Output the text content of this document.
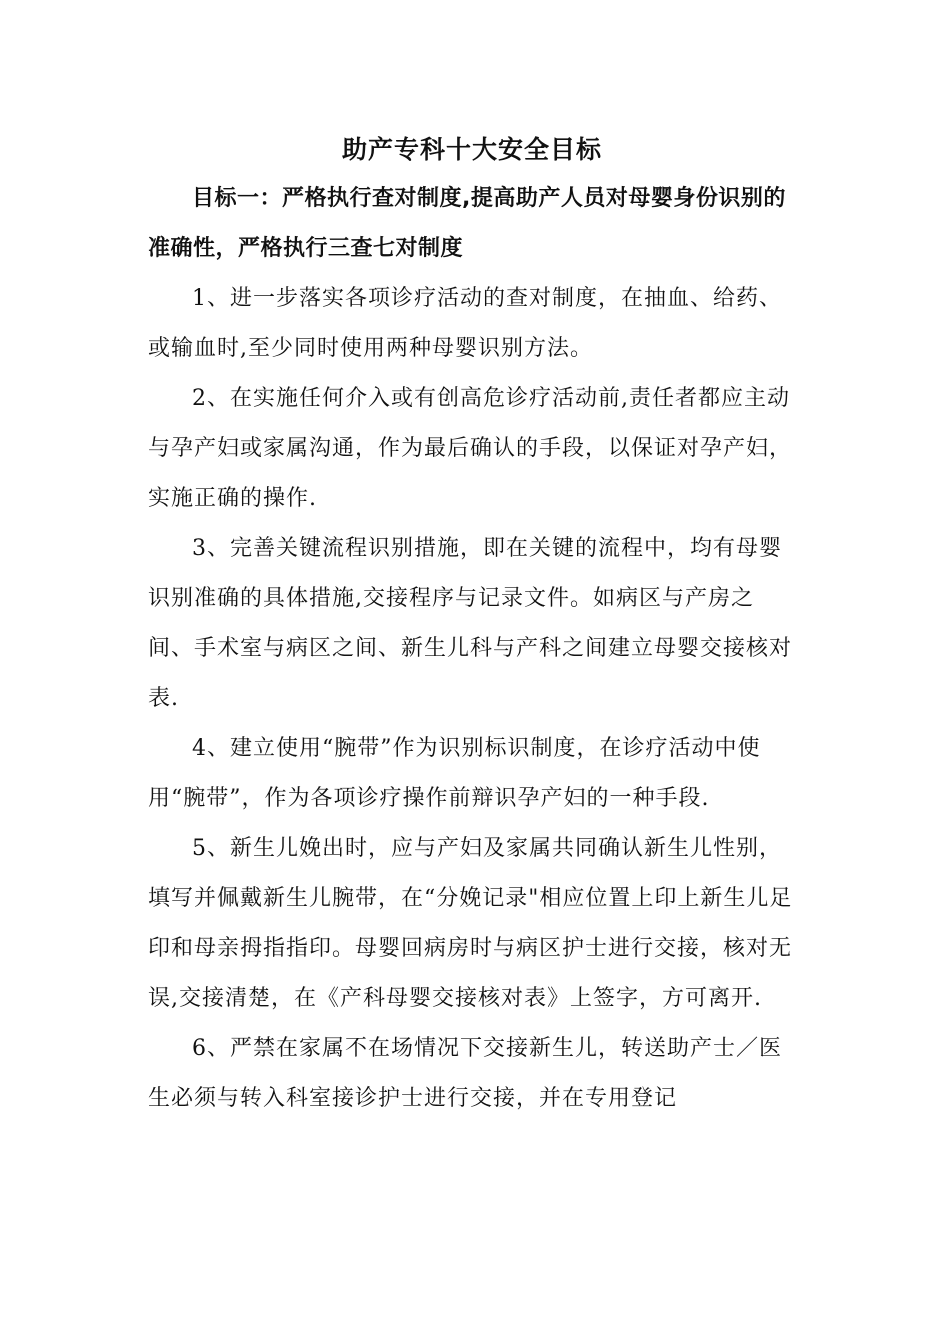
助产专科十大安全目标

目标一：严格执行查对制度,提高助产人员对母婴身份识别的准确性，严格执行三查七对制度

1、进一步落实各项诊疗活动的查对制度，在抽血、给药、或输血时,至少同时使用两种母婴识别方法。

2、在实施任何介入或有创高危诊疗活动前,责任者都应主动与孕产妇或家属沟通，作为最后确认的手段，以保证对孕产妇，实施正确的操作.

3、完善关键流程识别措施，即在关键的流程中，均有母婴识别准确的具体措施,交接程序与记录文件。如病区与产房之间、手术室与病区之间、新生儿科与产科之间建立母婴交接核对表.

4、建立使用“腕带”作为识别标识制度，在诊疗活动中使用“腕带”，作为各项诊疗操作前辩识孕产妇的一种手段.

5、新生儿娩出时，应与产妇及家属共同确认新生儿性别，填写并佩戴新生儿腕带，在“分娩记录"相应位置上印上新生儿足印和母亲拇指指印。母婴回病房时与病区护士进行交接，核对无误,交接清楚，在《产科母婴交接核对表》上签字，方可离开.

6、严禁在家属不在场情况下交接新生儿，转送助产士／医生必须与转入科室接诊护士进行交接，并在专用登记
